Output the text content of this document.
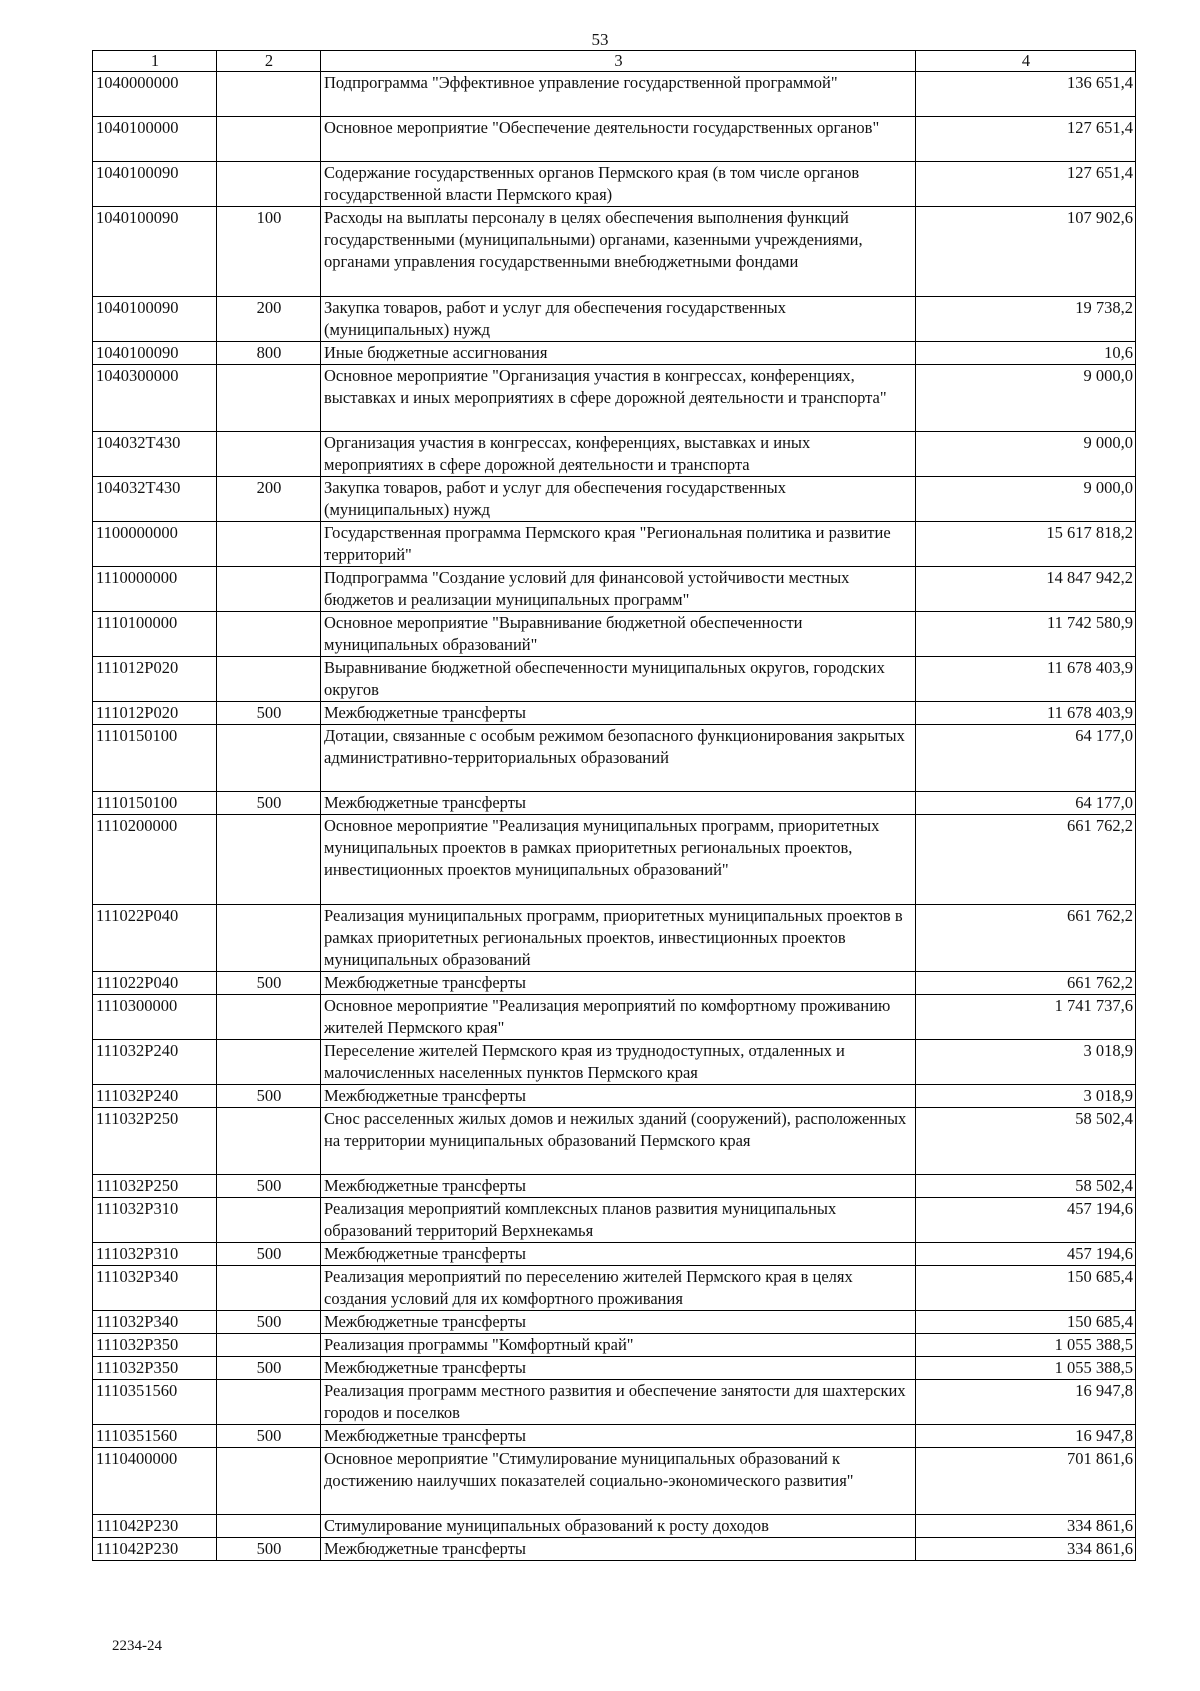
53
1	2	3	4
1040000000		Подпрограмма "Эффективное управление государственной программой"	136 651,4
1040100000		Основное мероприятие "Обеспечение деятельности государственных органов"	127 651,4
1040100090		Содержание государственных органов Пермского края (в том числе органов государственной власти Пермского края)	127 651,4
1040100090	100	Расходы на выплаты персоналу в целях обеспечения выполнения функций государственными (муниципальными) органами, казенными учреждениями, органами управления государственными внебюджетными фондами	107 902,6
1040100090	200	Закупка товаров, работ и услуг для обеспечения государственных (муниципальных) нужд	19 738,2
1040100090	800	Иные бюджетные ассигнования	10,6
1040300000		Основное мероприятие "Организация участия в конгрессах, конференциях, выставках и иных мероприятиях в сфере дорожной деятельности и транспорта"	9 000,0
104032Т430		Организация участия в конгрессах, конференциях, выставках и иных мероприятиях в сфере дорожной деятельности и транспорта	9 000,0
104032Т430	200	Закупка товаров, работ и услуг для обеспечения государственных (муниципальных) нужд	9 000,0
1100000000		Государственная программа Пермского края "Региональная политика и развитие территорий"	15 617 818,2
1110000000		Подпрограмма "Создание условий для финансовой устойчивости местных бюджетов и реализации муниципальных программ"	14 847 942,2
1110100000		Основное мероприятие "Выравнивание бюджетной обеспеченности муниципальных образований"	11 742 580,9
111012Р020		Выравнивание бюджетной обеспеченности муниципальных округов, городских округов	11 678 403,9
111012Р020	500	Межбюджетные трансферты	11 678 403,9
1110150100		Дотации, связанные с особым режимом безопасного функционирования закрытых административно-территориальных образований	64 177,0
1110150100	500	Межбюджетные трансферты	64 177,0
1110200000		Основное мероприятие "Реализация муниципальных программ, приоритетных муниципальных проектов в рамках приоритетных региональных проектов, инвестиционных проектов муниципальных образований"	661 762,2
111022Р040		Реализация муниципальных программ, приоритетных муниципальных проектов в рамках приоритетных региональных проектов, инвестиционных проектов муниципальных образований	661 762,2
111022Р040	500	Межбюджетные трансферты	661 762,2
1110300000		Основное мероприятие "Реализация мероприятий по комфортному проживанию жителей Пермского края"	1 741 737,6
111032Р240		Переселение жителей Пермского края из труднодоступных, отдаленных и малочисленных населенных пунктов Пермского края	3 018,9
111032Р240	500	Межбюджетные трансферты	3 018,9
111032Р250		Снос расселенных жилых домов и нежилых зданий (сооружений), расположенных на территории муниципальных образований Пермского края	58 502,4
111032Р250	500	Межбюджетные трансферты	58 502,4
111032Р310		Реализация мероприятий комплексных планов развития муниципальных образований территорий Верхнекамья	457 194,6
111032Р310	500	Межбюджетные трансферты	457 194,6
111032Р340		Реализация мероприятий по переселению жителей Пермского края в целях создания условий для их комфортного проживания	150 685,4
111032Р340	500	Межбюджетные трансферты	150 685,4
111032Р350		Реализация программы "Комфортный край"	1 055 388,5
111032Р350	500	Межбюджетные трансферты	1 055 388,5
1110351560		Реализация программ местного развития и обеспечение занятости для шахтерских городов и поселков	16 947,8
1110351560	500	Межбюджетные трансферты	16 947,8
1110400000		Основное мероприятие "Стимулирование муниципальных образований к достижению наилучших показателей социально-экономического развития"	701 861,6
111042Р230		Стимулирование муниципальных образований к росту доходов	334 861,6
111042Р230	500	Межбюджетные трансферты	334 861,6
2234-24
